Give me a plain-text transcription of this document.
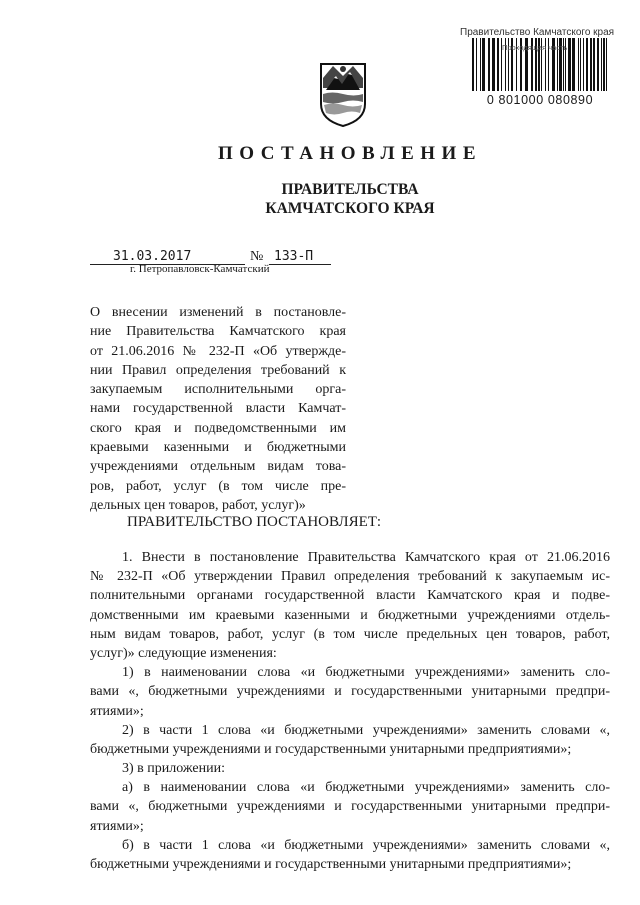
Правительство Камчатского края
Проходящая часть
0 801000 080890
ПОСТАНОВЛЕНИЕ
ПРАВИТЕЛЬСТВА
КАМЧАТСКОГО КРАЯ
31.03.2017	№ 133-П
г. Петропавловск-Камчатский
О внесении изменений в постановле-
ние Правительства Камчатского края
от 21.06.2016 № 232-П «Об утвержде-
нии Правил определения требований к
закупаемым исполнительными орга-
нами государственной власти Камчат-
ского края и подведомственными им
краевыми казенными и бюджетными
учреждениями отдельным видам това-
ров, работ, услуг (в том числе пре-
дельных цен товаров, работ, услуг)»
ПРАВИТЕЛЬСТВО ПОСТАНОВЛЯЕТ:
1. Внести в постановление Правительства Камчатского края от 21.06.2016
№ 232-П «Об утверждении Правил определения требований к закупаемым ис-
полнительными органами государственной власти Камчатского края и подве-
домственными им краевыми казенными и бюджетными учреждениями отдель-
ным видам товаров, работ, услуг (в том числе предельных цен товаров, работ,
услуг)» следующие изменения:
1) в наименовании слова «и бюджетными учреждениями» заменить сло-
вами «, бюджетными учреждениями и государственными унитарными предпри-
ятиями»;
2) в части 1 слова «и бюджетными учреждениями» заменить словами «,
бюджетными учреждениями и государственными унитарными предприятиями»;
3) в приложении:
а) в наименовании слова «и бюджетными учреждениями» заменить сло-
вами «, бюджетными учреждениями и государственными унитарными предпри-
ятиями»;
б) в части 1 слова «и бюджетными учреждениями» заменить словами «,
бюджетными учреждениями и государственными унитарными предприятиями»;
